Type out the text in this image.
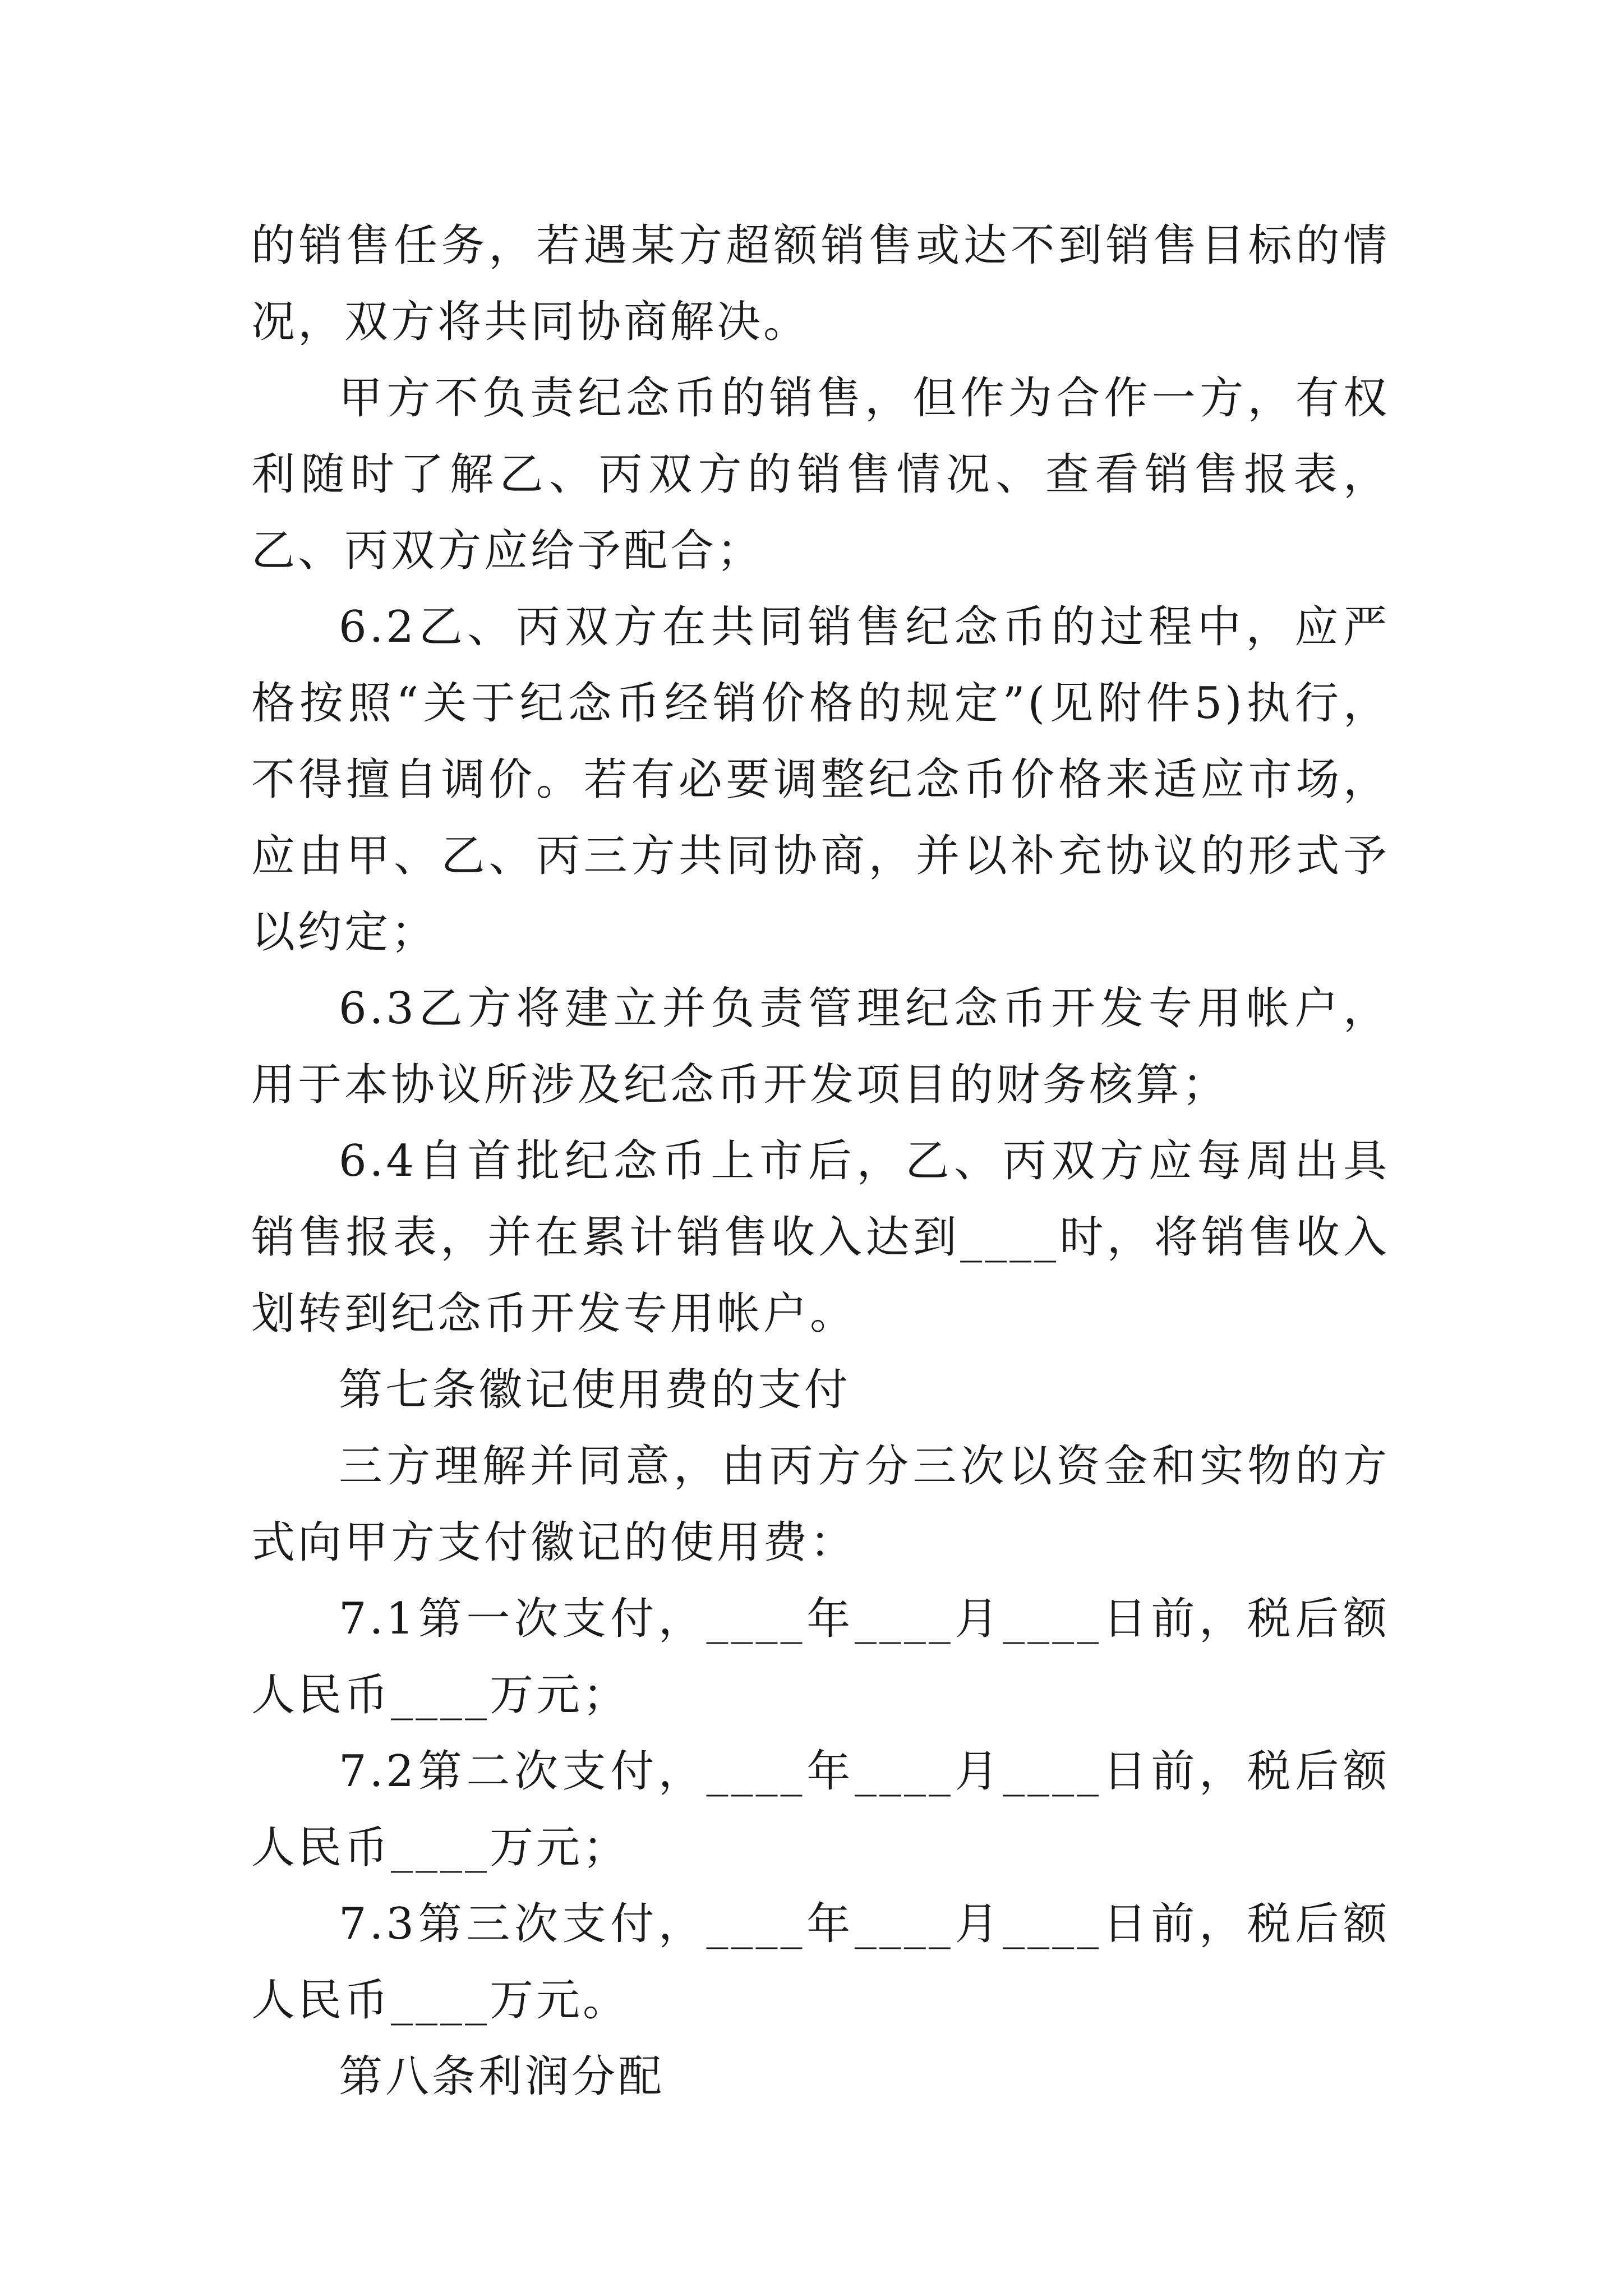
的销售任务，若遇某方超额销售或达不到销售目标的情况，双方将共同协商解决。

甲方不负责纪念币的销售，但作为合作一方，有权利随时了解乙、丙双方的销售情况、查看销售报表，乙、丙双方应给予配合；

6.2乙、丙双方在共同销售纪念币的过程中，应严格按照“关于纪念币经销价格的规定”(见附件5)执行，不得擅自调价。若有必要调整纪念币价格来适应市场，应由甲、乙、丙三方共同协商，并以补充协议的形式予以约定；

6.3乙方将建立并负责管理纪念币开发专用帐户，用于本协议所涉及纪念币开发项目的财务核算；

6.4自首批纪念币上市后，乙、丙双方应每周出具销售报表，并在累计销售收入达到____时，将销售收入划转到纪念币开发专用帐户。

第七条徽记使用费的支付

三方理解并同意，由丙方分三次以资金和实物的方式向甲方支付徽记的使用费：

7.1第一次支付，____年____月____日前，税后额人民币____万元；

7.2第二次支付，____年____月____日前，税后额人民币____万元；

7.3第三次支付，____年____月____日前，税后额人民币____万元。

第八条利润分配
